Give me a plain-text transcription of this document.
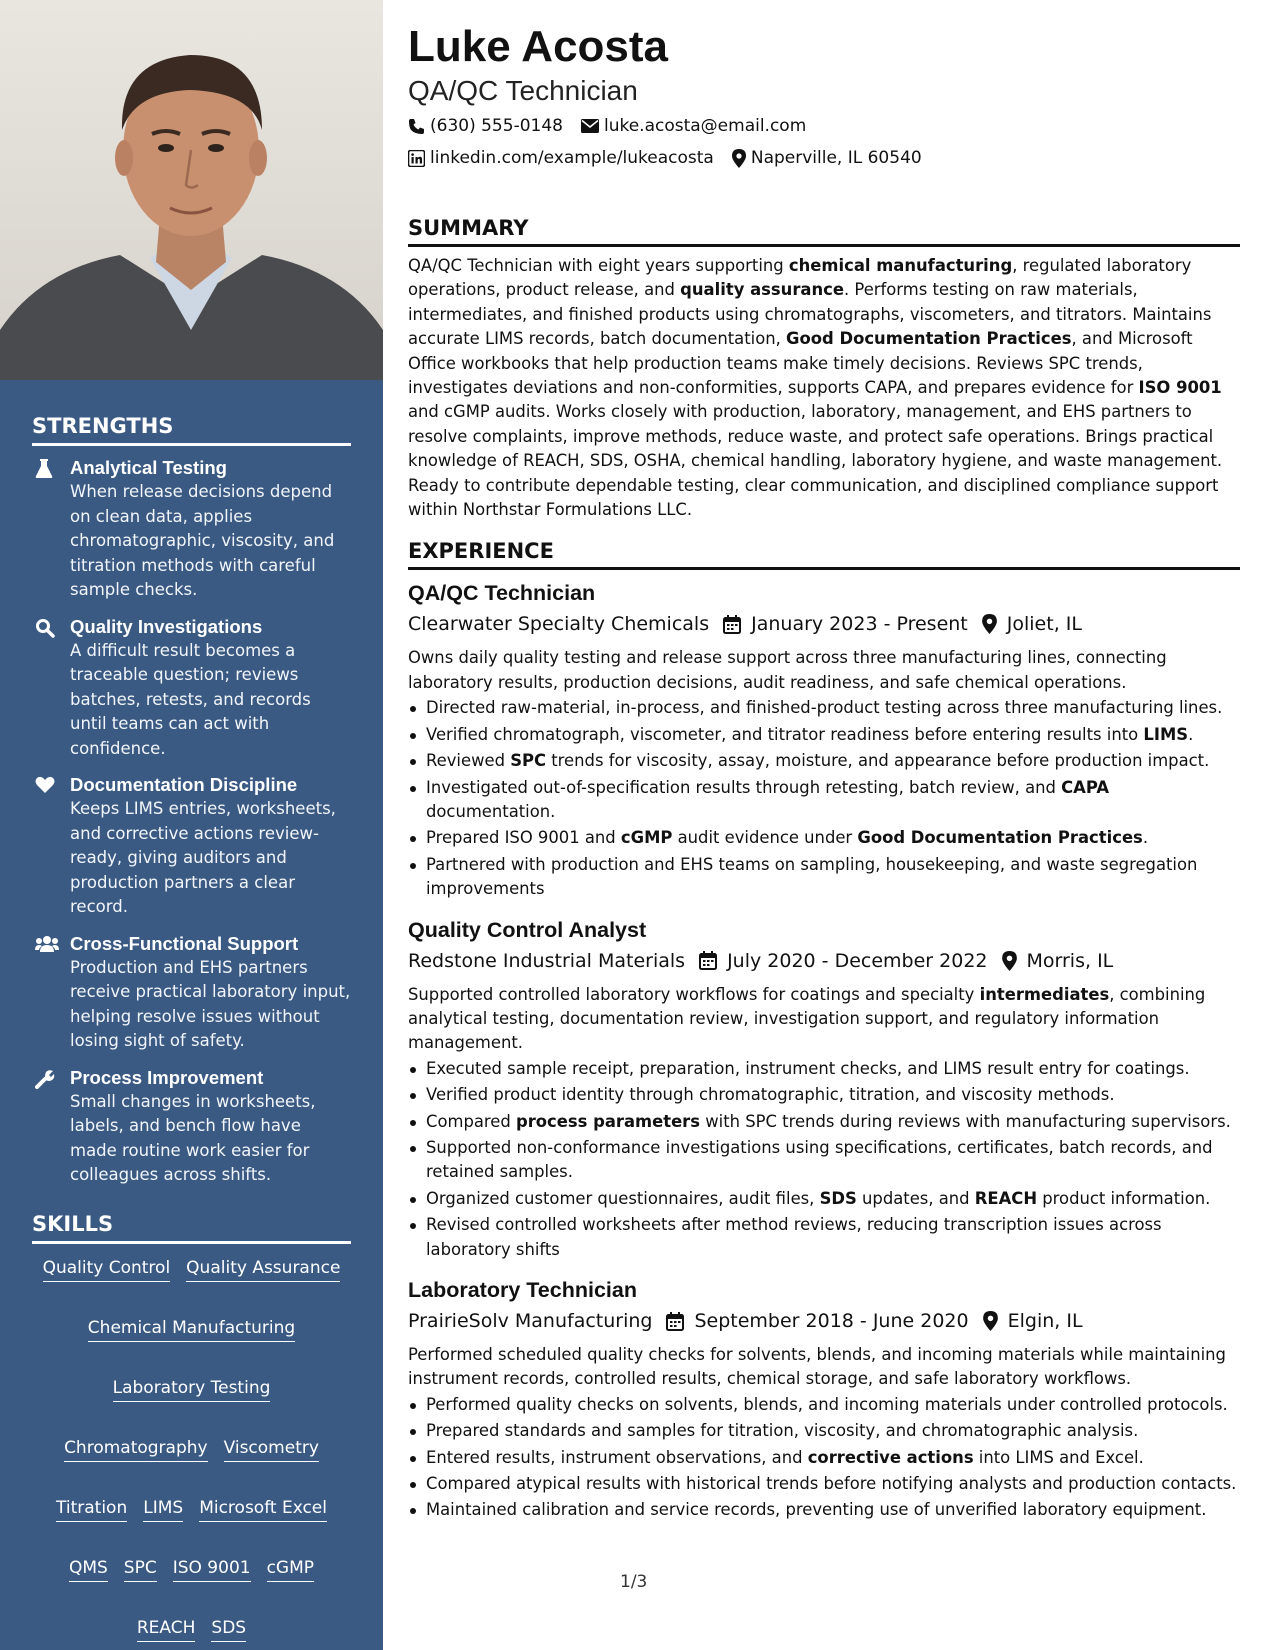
STRENGTHS
Analytical Testing
When release decisions depend on clean data, applies chromatographic, viscosity, and titration methods with careful sample checks.
Quality Investigations
A difficult result becomes a traceable question; reviews batches, retests, and records until teams can act with confidence.
Documentation Discipline
Keeps LIMS entries, worksheets, and corrective actions review-ready, giving auditors and production partners a clear record.
Cross-Functional Support
Production and EHS partners receive practical laboratory input, helping resolve issues without losing sight of safety.
Process Improvement
Small changes in worksheets, labels, and bench flow have made routine work easier for colleagues across shifts.
SKILLS
Quality Control Quality Assurance
Chemical Manufacturing
Laboratory Testing
Chromatography Viscometry
Titration LIMS Microsoft Excel
QMS SPC ISO 9001 cGMP
REACH SDS
Luke Acosta
QA/QC Technician
(630) 555-0148 luke.acosta@email.com
linkedin.com/example/lukeacosta Naperville, IL 60540
SUMMARY
QA/QC Technician with eight years supporting chemical manufacturing, regulated laboratory operations, product release, and quality assurance. Performs testing on raw materials, intermediates, and finished products using chromatographs, viscometers, and titrators. Maintains accurate LIMS records, batch documentation, Good Documentation Practices, and Microsoft Office workbooks that help production teams make timely decisions. Reviews SPC trends, investigates deviations and non-conformities, supports CAPA, and prepares evidence for ISO 9001 and cGMP audits. Works closely with production, laboratory, management, and EHS partners to resolve complaints, improve methods, reduce waste, and protect safe operations. Brings practical knowledge of REACH, SDS, OSHA, chemical handling, laboratory hygiene, and waste management. Ready to contribute dependable testing, clear communication, and disciplined compliance support within Northstar Formulations LLC.
EXPERIENCE
QA/QC Technician
Clearwater Specialty Chemicals January 2023 - Present Joliet, IL
Owns daily quality testing and release support across three manufacturing lines, connecting laboratory results, production decisions, audit readiness, and safe chemical operations.
Directed raw-material, in-process, and finished-product testing across three manufacturing lines.
Verified chromatograph, viscometer, and titrator readiness before entering results into LIMS.
Reviewed SPC trends for viscosity, assay, moisture, and appearance before production impact.
Investigated out-of-specification results through retesting, batch review, and CAPA documentation.
Prepared ISO 9001 and cGMP audit evidence under Good Documentation Practices.
Partnered with production and EHS teams on sampling, housekeeping, and waste segregation improvements
Quality Control Analyst
Redstone Industrial Materials July 2020 - December 2022 Morris, IL
Supported controlled laboratory workflows for coatings and specialty intermediates, combining analytical testing, documentation review, investigation support, and regulatory information management.
Executed sample receipt, preparation, instrument checks, and LIMS result entry for coatings.
Verified product identity through chromatographic, titration, and viscosity methods.
Compared process parameters with SPC trends during reviews with manufacturing supervisors.
Supported non-conformance investigations using specifications, certificates, batch records, and retained samples.
Organized customer questionnaires, audit files, SDS updates, and REACH product information.
Revised controlled worksheets after method reviews, reducing transcription issues across laboratory shifts
Laboratory Technician
PrairieSolv Manufacturing September 2018 - June 2020 Elgin, IL
Performed scheduled quality checks for solvents, blends, and incoming materials while maintaining instrument records, controlled results, chemical storage, and safe laboratory workflows.
Performed quality checks on solvents, blends, and incoming materials under controlled protocols.
Prepared standards and samples for titration, viscosity, and chromatographic analysis.
Entered results, instrument observations, and corrective actions into LIMS and Excel.
Compared atypical results with historical trends before notifying analysts and production contacts.
Maintained calibration and service records, preventing use of unverified laboratory equipment.
1/3
